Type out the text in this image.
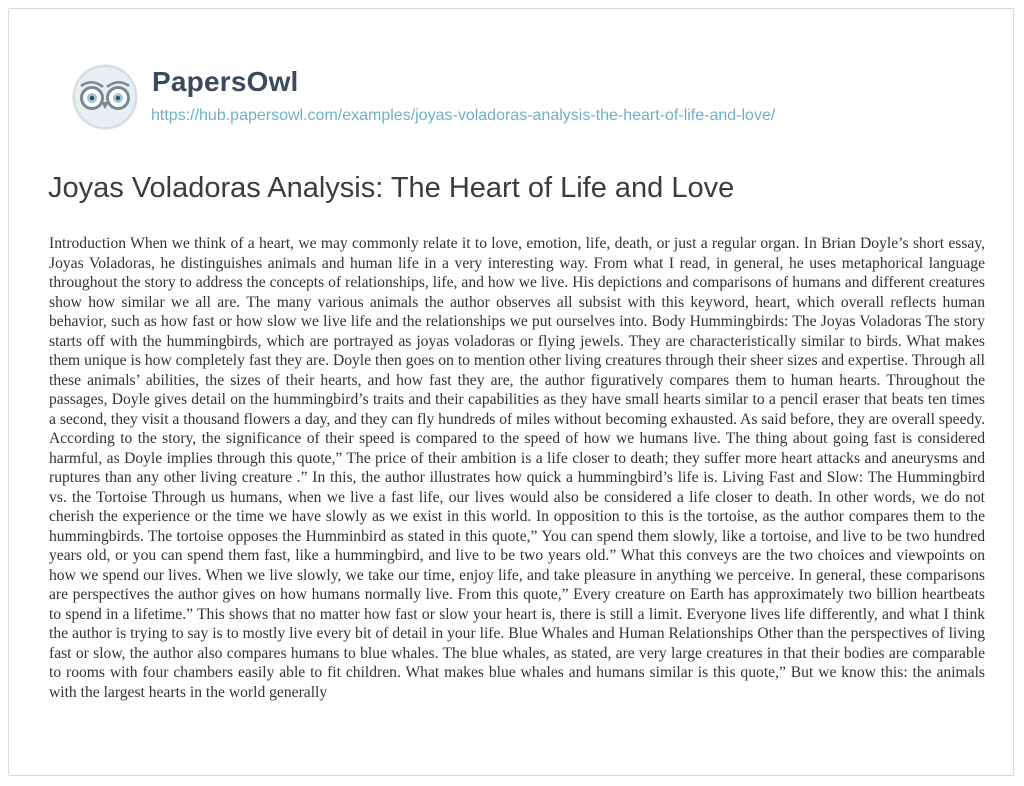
PapersOwl
https://hub.papersowl.com/examples/joyas-voladoras-analysis-the-heart-of-life-and-love/
Joyas Voladoras Analysis: The Heart of Life and Love

Introduction When we think of a heart, we may commonly relate it to love, emotion, life, death, or just a regular organ. In Brian Doyle’s short essay, Joyas Voladoras, he distinguishes animals and human life in a very interesting way. From what I read, in general, he uses metaphorical language throughout the story to address the concepts of relationships, life, and how we live. His depictions and comparisons of humans and different creatures show how similar we all are. The many various animals the author observes all subsist with this keyword, heart, which overall reflects human behavior, such as how fast or how slow we live life and the relationships we put ourselves into. Body Hummingbirds: The Joyas Voladoras The story starts off with the hummingbirds, which are portrayed as joyas voladoras or flying jewels. They are characteristically similar to birds. What makes them unique is how completely fast they are. Doyle then goes on to mention other living creatures through their sheer sizes and expertise. Through all these animals’ abilities, the sizes of their hearts, and how fast they are, the author figuratively compares them to human hearts. Throughout the passages, Doyle gives detail on the hummingbird’s traits and their capabilities as they have small hearts similar to a pencil eraser that beats ten times a second, they visit a thousand flowers a day, and they can fly hundreds of miles without becoming exhausted. As said before, they are overall speedy. According to the story, the significance of their speed is compared to the speed of how we humans live. The thing about going fast is considered harmful, as Doyle implies through this quote,” The price of their ambition is a life closer to death; they suffer more heart attacks and aneurysms and ruptures than any other living creature .” In this, the author illustrates how quick a hummingbird’s life is. Living Fast and Slow: The Hummingbird vs. the Tortoise Through us humans, when we live a fast life, our lives would also be considered a life closer to death. In other words, we do not cherish the experience or the time we have slowly as we exist in this world. In opposition to this is the tortoise, as the author compares them to the hummingbirds. The tortoise opposes the Humminbird as stated in this quote,” You can spend them slowly, like a tortoise, and live to be two hundred years old, or you can spend them fast, like a hummingbird, and live to be two years old.” What this conveys are the two choices and viewpoints on how we spend our lives. When we live slowly, we take our time, enjoy life, and take pleasure in anything we perceive. In general, these comparisons are perspectives the author gives on how humans normally live. From this quote,” Every creature on Earth has approximately two billion heartbeats to spend in a lifetime.” This shows that no matter how fast or slow your heart is, there is still a limit. Everyone lives life differently, and what I think the author is trying to say is to mostly live every bit of detail in your life. Blue Whales and Human Relationships Other than the perspectives of living fast or slow, the author also compares humans to blue whales. The blue whales, as stated, are very large creatures in that their bodies are comparable to rooms with four chambers easily able to fit children. What makes blue whales and humans similar is this quote,” But we know this: the animals with the largest hearts in the world generally
